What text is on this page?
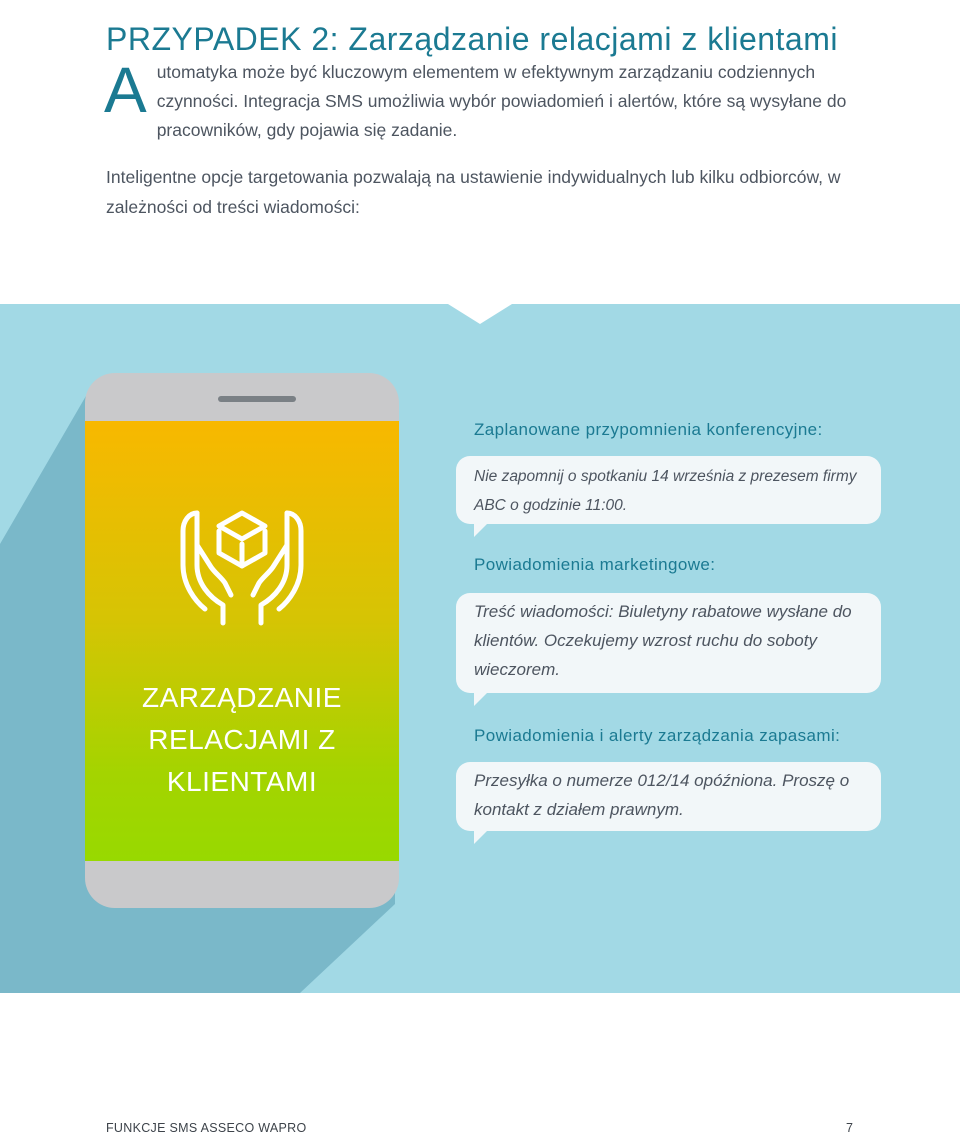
PRZYPADEK 2: Zarządzanie relacjami z klientami
A utomatyka może być kluczowym elementem w efektywnym zarządzaniu codziennych czynności. Integracja SMS umożliwia wybór powiadomień i alertów, które są wysyłane do pracowników, gdy pojawia się zadanie.
Inteligentne opcje targetowania pozwalają na ustawienie indywidualnych lub kilku odbiorców, w zależności od treści wiadomości:
ZARZĄDZANIE RELACJAMI Z KLIENTAMI
Zaplanowane przypomnienia konferencyjne:
Nie zapomnij o spotkaniu 14 września z prezesem firmy ABC o godzinie 11:00.
Powiadomienia marketingowe:
Treść wiadomości: Biuletyny rabatowe wysłane do klientów. Oczekujemy wzrost ruchu do soboty wieczorem.
Powiadomienia i alerty zarządzania zapasami:
Przesyłka o numerze 012/14 opóźniona. Proszę o kontakt z działem prawnym.
FUNKCJE SMS ASSECO WAPRO	7
